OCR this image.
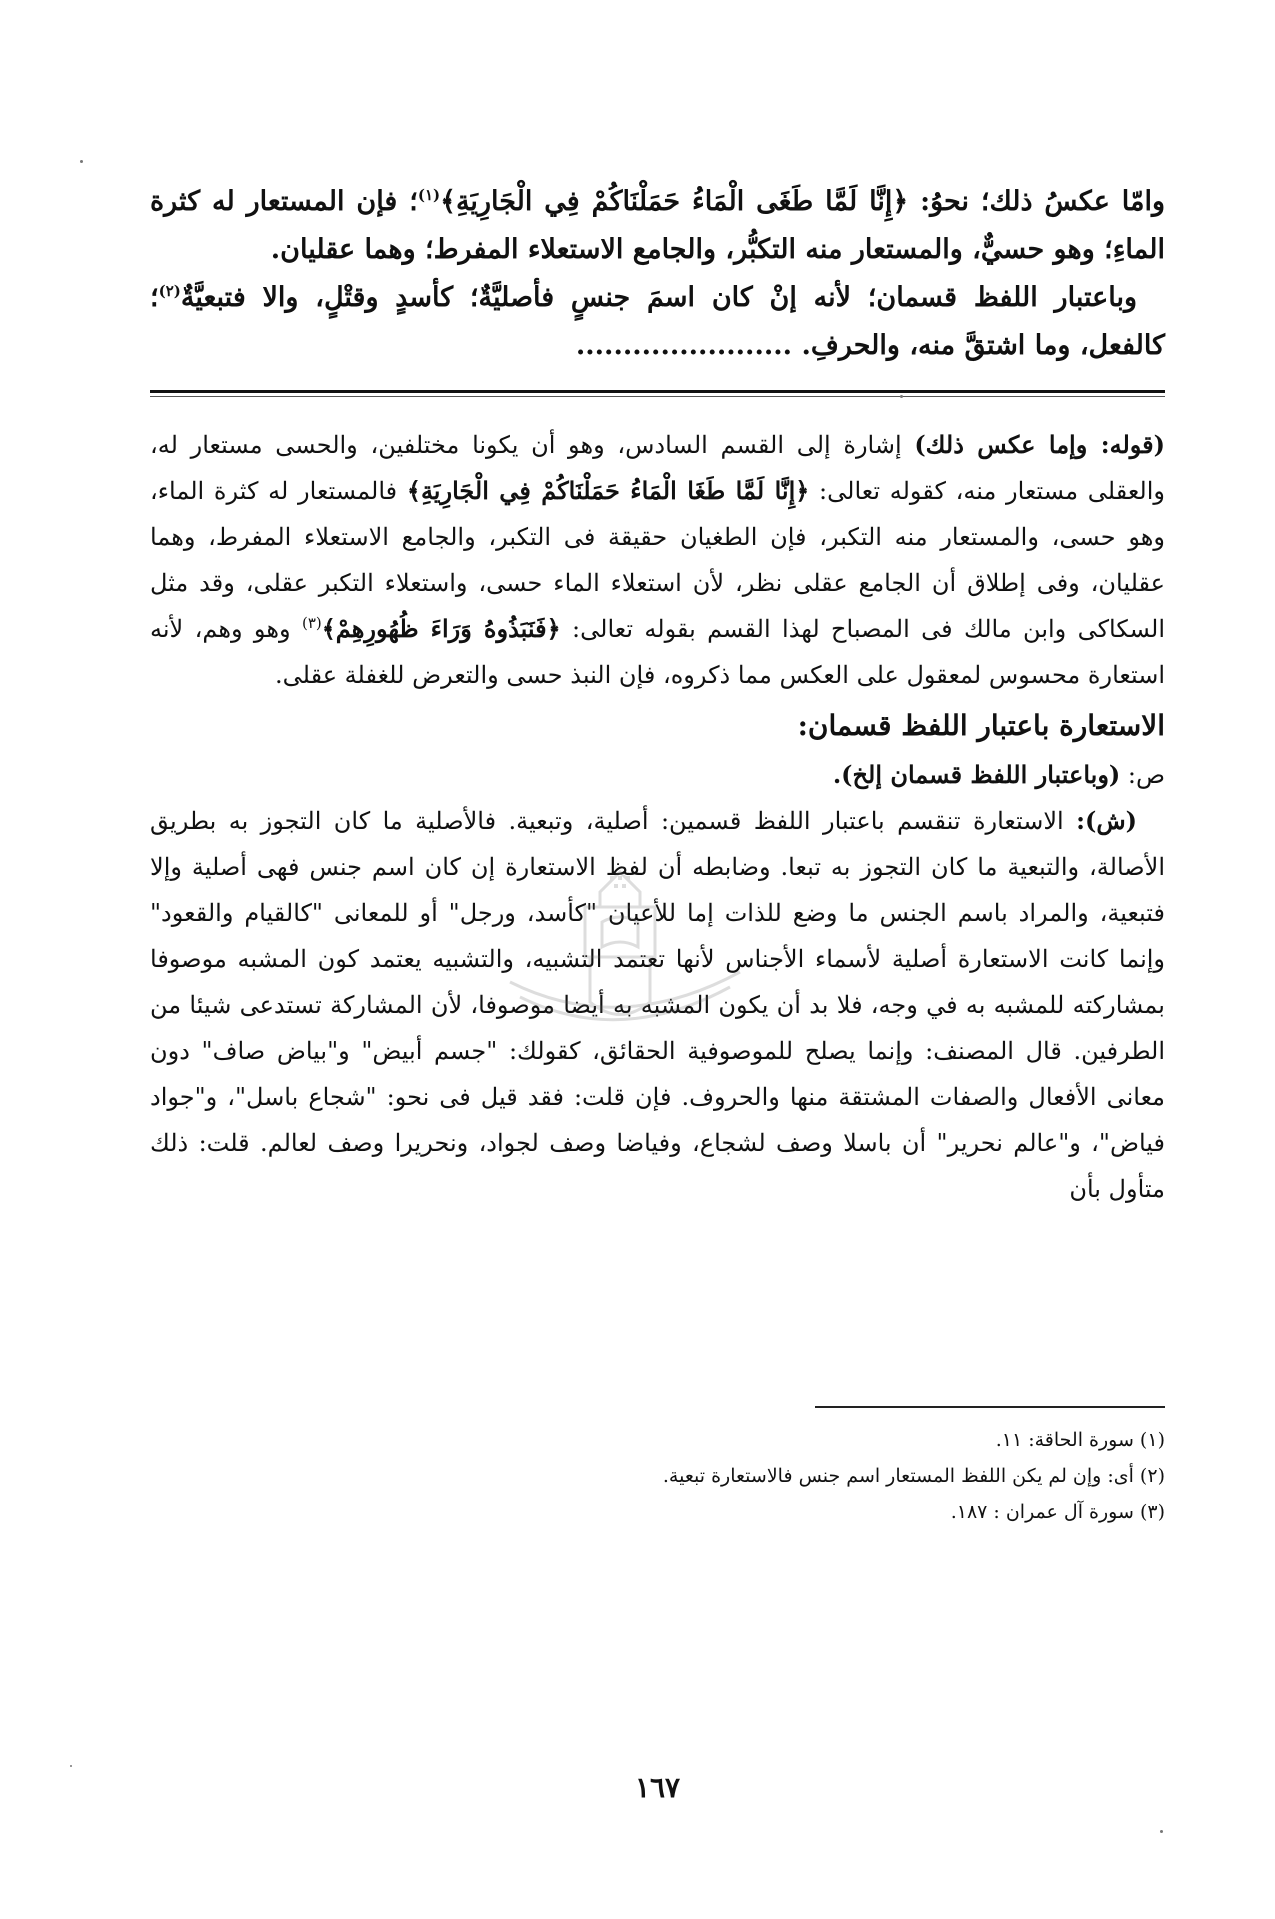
وامّا عكسُ ذلك؛ نحوُ: ﴿إِنَّا لَمَّا طَغَى الْمَاءُ حَمَلْنَاكُمْ فِي الْجَارِيَةِ﴾$^{(١)}$؛ فإن المستعار له كثرة الماءِ؛ وهو حسيٌّ، والمستعار منه التكبُّر، والجامع الاستعلاء المفرط؛ وهما عقليان.

وباعتبار اللفظ قسمان؛ لأنه إنْ كان اسمَ جنسٍ فأصليَّةٌ؛ كأسدٍ وقتْلٍ، والا فتبعيَّةٌ$^{(٢)}$؛ كالفعل، وما اشتقَّ منه، والحرفِ. .......................

(قوله: وإما عكس ذلك) إشارة إلى القسم السادس، وهو أن يكونا مختلفين، والحسى مستعار له، والعقلى مستعار منه، كقوله تعالى: ﴿إِنَّا لَمَّا طَغَا الْمَاءُ حَمَلْنَاكُمْ فِي الْجَارِيَةِ﴾ فالمستعار له كثرة الماء، وهو حسى، والمستعار منه التكبر، فإن الطغيان حقيقة فى التكبر، والجامع الاستعلاء المفرط، وهما عقليان، وفى إطلاق أن الجامع عقلى نظر، لأن استعلاء الماء حسى، واستعلاء التكبر عقلى، وقد مثل السكاكى وابن مالك فى المصباح لهذا القسم بقوله تعالى: ﴿فَنَبَذُوهُ وَرَاءَ ظُهُورِهِمْ﴾$^{(٣)}$ وهو وهم، لأنه استعارة محسوس لمعقول على العكس مما ذكروه، فإن النبذ حسى والتعرض للغفلة عقلى.

الاستعارة باعتبار اللفظ قسمان:
ص: (وباعتبار اللفظ قسمان إلخ).

(ش): الاستعارة تنقسم باعتبار اللفظ قسمين: أصلية، وتبعية. فالأصلية ما كان التجوز به بطريق الأصالة، والتبعية ما كان التجوز به تبعا. وضابطه أن لفظ الاستعارة إن كان اسم جنس فهى أصلية وإلا فتبعية، والمراد باسم الجنس ما وضع للذات إما للأعيان "كأسد، ورجل" أو للمعانى "كالقيام والقعود" وإنما كانت الاستعارة أصلية لأسماء الأجناس لأنها تعتمد التشبيه، والتشبيه يعتمد كون المشبه موصوفا بمشاركته للمشبه به في وجه، فلا بد أن يكون المشبه به أيضا موصوفا، لأن المشاركة تستدعى شيئا من الطرفين. قال المصنف: وإنما يصلح للموصوفية الحقائق، كقولك: "جسم أبيض" و"بياض صاف" دون معانى الأفعال والصفات المشتقة منها والحروف. فإن قلت: فقد قيل فى نحو: "شجاع باسل"، و"جواد فياض"، و"عالم نحرير" أن باسلا وصف لشجاع، وفياضا وصف لجواد، ونحريرا وصف لعالم. قلت: ذلك متأول بأن

(١) سورة الحاقة: ١١.
(٢) أى: وإن لم يكن اللفظ المستعار اسم جنس فالاستعارة تبعية.
(٣) سورة آل عمران : ١٨٧.
١٦٧
